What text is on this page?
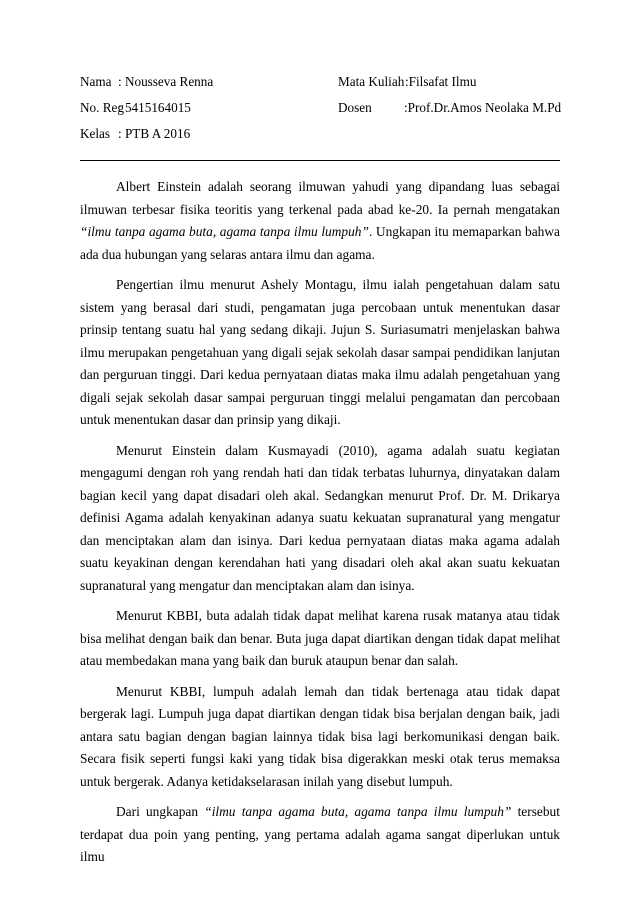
Nama : Nousseva Renna	Mata Kuliah :Filsafat Ilmu
No. Reg
: 5415164015	Dosen :Prof.Dr.Amos Neolaka M.Pd
Kelas : PTB A 2016

Albert Einstein adalah seorang ilmuwan yahudi yang dipandang luas sebagai ilmuwan terbesar fisika teoritis yang terkenal pada abad ke-20. Ia pernah mengatakan “ilmu tanpa agama buta, agama tanpa ilmu lumpuh”. Ungkapan itu memaparkan bahwa ada dua hubungan yang selaras antara ilmu dan agama.

Pengertian ilmu menurut Ashely Montagu, ilmu ialah pengetahuan dalam satu sistem yang berasal dari studi, pengamatan juga percobaan untuk menentukan dasar prinsip tentang suatu hal yang sedang dikaji. Jujun S. Suriasumatri menjelaskan bahwa ilmu merupakan pengetahuan yang digali sejak sekolah dasar sampai pendidikan lanjutan dan perguruan tinggi. Dari kedua pernyataan diatas maka ilmu adalah pengetahuan yang digali sejak sekolah dasar sampai perguruan tinggi melalui pengamatan dan percobaan untuk menentukan dasar dan prinsip yang dikaji.

Menurut Einstein dalam Kusmayadi (2010), agama adalah suatu kegiatan mengagumi dengan roh yang rendah hati dan tidak terbatas luhurnya, dinyatakan dalam bagian kecil yang dapat disadari oleh akal. Sedangkan menurut Prof. Dr. M. Drikarya definisi Agama adalah kenyakinan adanya suatu kekuatan supranatural yang mengatur dan menciptakan alam dan isinya. Dari kedua pernyataan diatas maka agama adalah suatu keyakinan dengan kerendahan hati yang disadari oleh akal akan suatu kekuatan supranatural yang mengatur dan menciptakan alam dan isinya.

Menurut KBBI, buta adalah tidak dapat melihat karena rusak matanya atau tidak bisa melihat dengan baik dan benar. Buta juga dapat diartikan dengan tidak dapat melihat atau membedakan mana yang baik dan buruk ataupun benar dan salah.

Menurut KBBI, lumpuh adalah lemah dan tidak bertenaga atau tidak dapat bergerak lagi. Lumpuh juga dapat diartikan dengan tidak bisa berjalan dengan baik, jadi antara satu bagian dengan bagian lainnya tidak bisa lagi berkomunikasi dengan baik. Secara fisik seperti fungsi kaki yang tidak bisa digerakkan meski otak terus memaksa untuk bergerak. Adanya ketidakselarasan inilah yang disebut lumpuh.

Dari ungkapan “ilmu tanpa agama buta, agama tanpa ilmu lumpuh” tersebut terdapat dua poin yang penting, yang pertama adalah agama sangat diperlukan untuk ilmu
